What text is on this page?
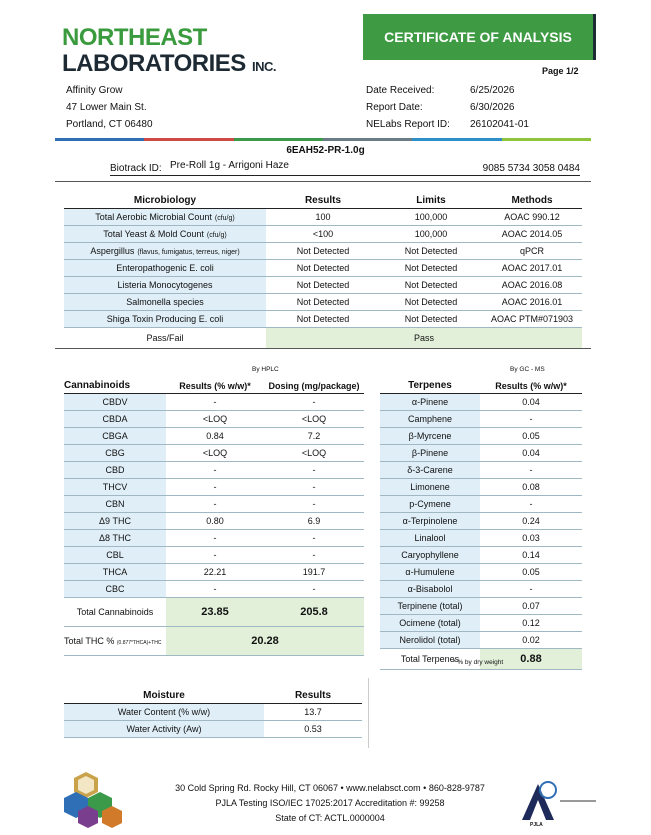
NORTHEAST
LABORATORIES INC.
CERTIFICATE OF ANALYSIS
Page 1/2
Affinity Grow
47 Lower Main St.
Portland, CT 06480
Date Received:	6/25/2026
Report Date:	6/30/2026
NELabs Report ID:	26102041-01
6EAH52-PR-1.0g
Biotrack ID: Pre-Roll 1g - Arrigoni Haze	9085 5734 3058 0484
Microbiology	Results	Limits	Methods
Total Aerobic Microbial Count (cfu/g)	100	100,000	AOAC 990.12
Total Yeast & Mold Count (cfu/g)	<100	100,000	AOAC 2014.05
Aspergillus (flavus, fumigatus, terreus, niger)	Not Detected	Not Detected	qPCR
Enteropathogenic E. coli	Not Detected	Not Detected	AOAC 2017.01
Listeria Monocytogenes	Not Detected	Not Detected	AOAC 2016.08
Salmonella species	Not Detected	Not Detected	AOAC 2016.01
Shiga Toxin Producing E. coli	Not Detected	Not Detected	AOAC PTM#071903
Pass/Fail	Pass		
By HPLC
Cannabinoids	Results (% w/w)*	Dosing (mg/package)
CBDV	-	-
CBDA	<LOQ	<LOQ
CBGA	0.84	7.2
CBG	<LOQ	<LOQ
CBD	-	-
THCV	-	-
CBN	-	-
Δ9 THC	0.80	6.9
Δ8 THC	-	-
CBL	-	-
THCA	22.21	191.7
CBC	-	-
Total Cannabinoids	23.85	205.8
Total THC % (0.877*THCA)+THC	20.28	
By GC - MS
Terpenes	Results (% w/w)*
α-Pinene	0.04
Camphene	-
β-Myrcene	0.05
β-Pinene	0.04
δ-3-Carene	-
Limonene	0.08
p-Cymene	-
α-Terpinolene	0.24
Linalool	0.03
Caryophyllene	0.14
α-Humulene	0.05
α-Bisabolol	-
Terpinene (total)	0.07
Ocimene (total)	0.12
Nerolidol (total)	0.02
Total Terpenes	0.88
* % by dry weight
Moisture	Results
Water Content (% w/w)	13.7
Water Activity (Aw)	0.53
30 Cold Spring Rd. Rocky Hill, CT 06067 • www.nelabsct.com • 860-828-9787
PJLA Testing ISO/IEC 17025:2017 Accreditation #: 99258
State of CT: ACTL.0000004
PJLA
